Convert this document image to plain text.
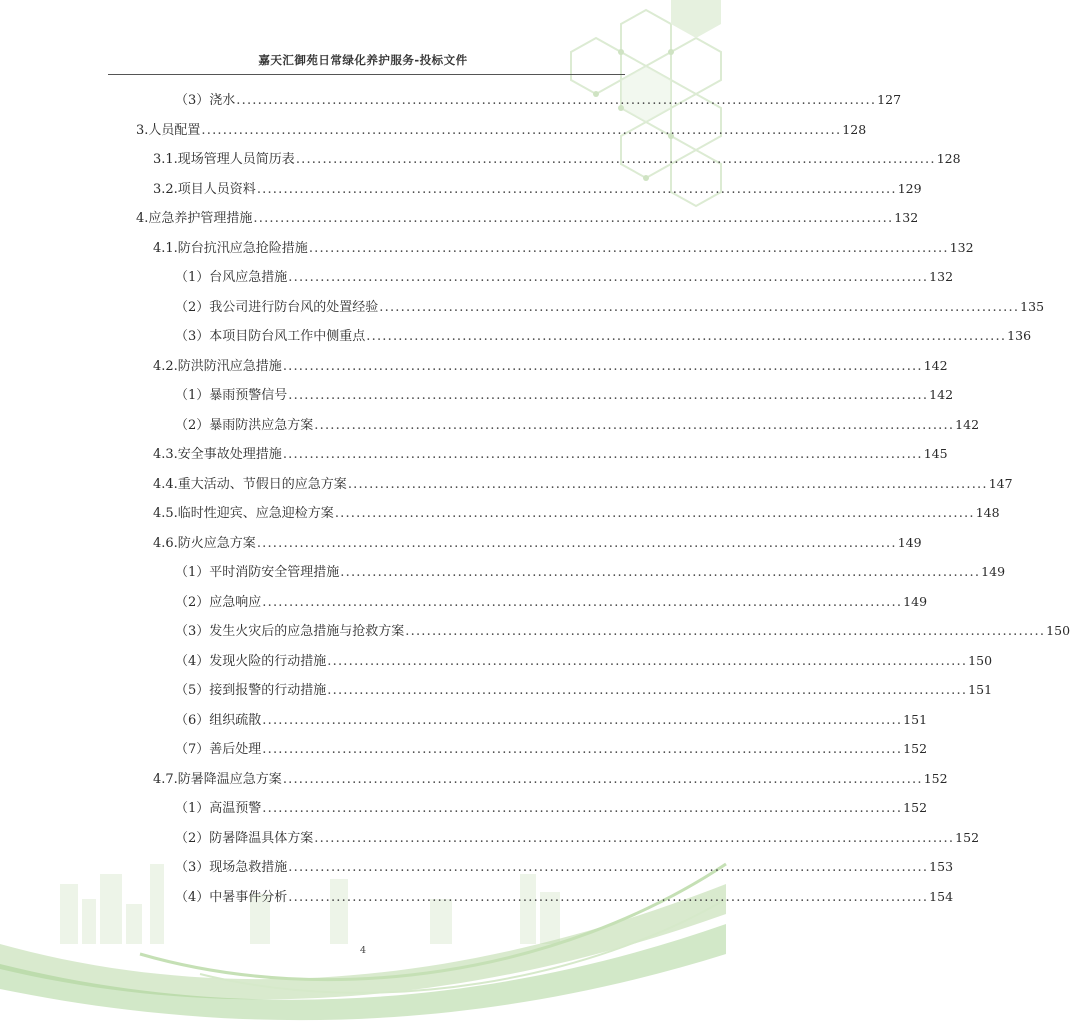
嘉天汇御苑日常绿化养护服务-投标文件
（3）浇水 ........................................................................................................................ 127
3.人员配置 ........................................................................................................................ 128
3.1.现场管理人员简历表 ........................................................................................................................ 128
3.2.项目人员资料 ........................................................................................................................ 129
4.应急养护管理措施 ........................................................................................................................ 132
4.1.防台抗汛应急抢险措施 ........................................................................................................................ 132
（1）台风应急措施 ........................................................................................................................ 132
（2）我公司进行防台风的处置经验 ........................................................................................................................ 135
（3）本项目防台风工作中侧重点 ........................................................................................................................ 136
4.2.防洪防汛应急措施 ........................................................................................................................ 142
（1）暴雨预警信号 ........................................................................................................................ 142
（2）暴雨防洪应急方案 ........................................................................................................................ 142
4.3.安全事故处理措施 ........................................................................................................................ 145
4.4.重大活动、节假日的应急方案 ........................................................................................................................ 147
4.5.临时性迎宾、应急迎检方案 ........................................................................................................................ 148
4.6.防火应急方案 ........................................................................................................................ 149
（1）平时消防安全管理措施 ........................................................................................................................ 149
（2）应急响应 ........................................................................................................................ 149
（3）发生火灾后的应急措施与抢救方案 ........................................................................................................................ 150
（4）发现火险的行动措施 ........................................................................................................................ 150
（5）接到报警的行动措施 ........................................................................................................................ 151
（6）组织疏散 ........................................................................................................................ 151
（7）善后处理 ........................................................................................................................ 152
4.7.防暑降温应急方案 ........................................................................................................................ 152
（1）高温预警 ........................................................................................................................ 152
（2）防暑降温具体方案 ........................................................................................................................ 152
（3）现场急救措施 ........................................................................................................................ 153
（4）中暑事件分析 ........................................................................................................................ 154
4
